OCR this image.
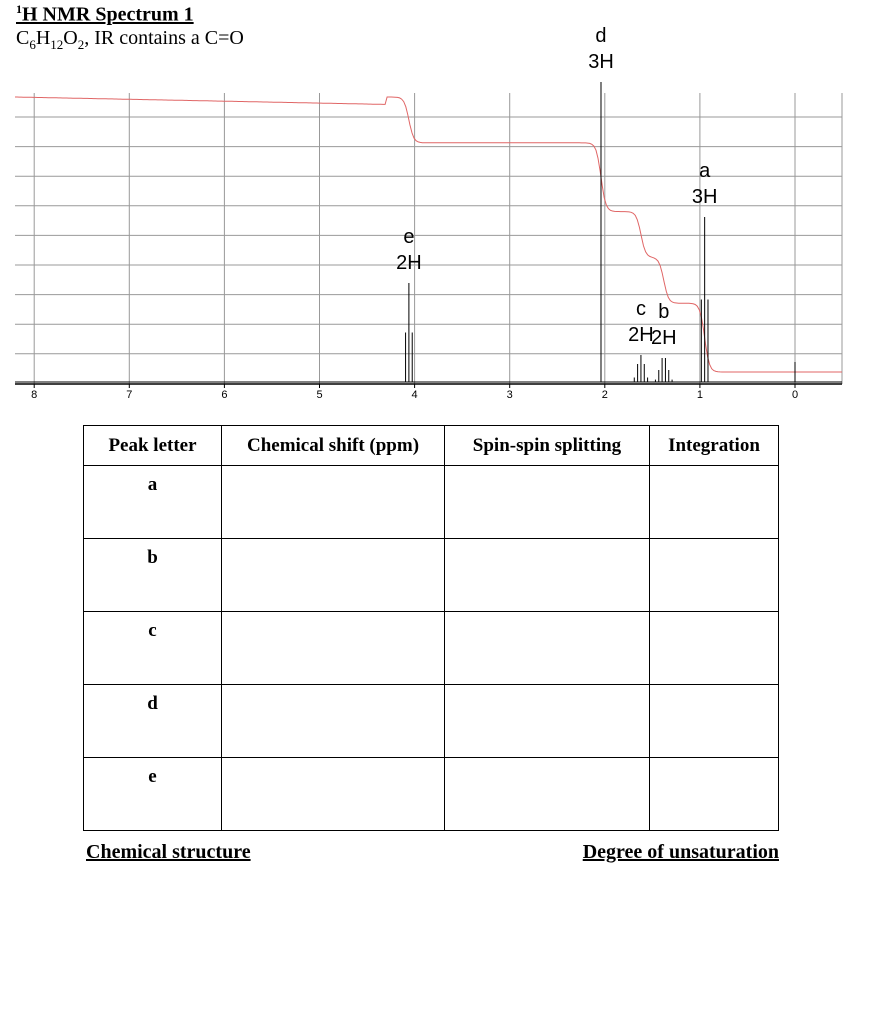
$^1$H NMR Spectrum 1
$C_6H_{12}O_2$, IR contains a C=O
8	7	6	5	4	3	2	1	0
a
3H
b
2H
c
2H
d
3H
e
2H
Peak letter	Chemical shift (ppm)	Spin-spin splitting	Integration
a			
b			
c			
d			
e			
Chemical structure	Degree of unsaturation
